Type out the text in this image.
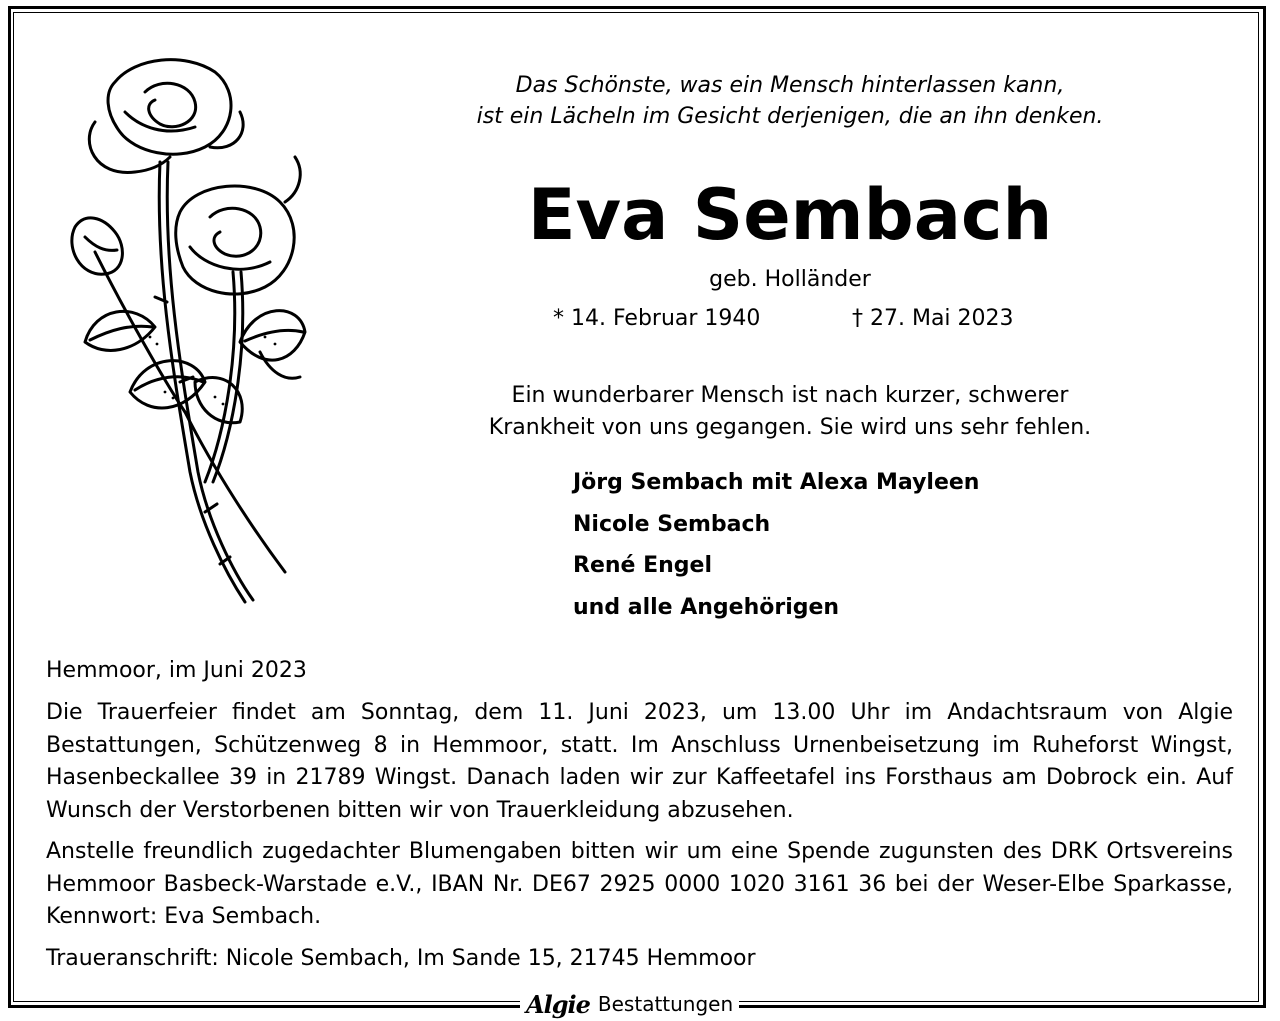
Das Schönste, was ein Mensch hinterlassen kann,
ist ein Lächeln im Gesicht derjenigen, die an ihn denken.
Eva Sembach
geb. Holländer
* 14. Februar 1940	† 27. Mai 2023
Ein wunderbarer Mensch ist nach kurzer, schwerer
Krankheit von uns gegangen. Sie wird uns sehr fehlen.
Jörg Sembach mit Alexa Mayleen
Nicole Sembach
René Engel
und alle Angehörigen
Hemmoor, im Juni 2023
Die Trauerfeier findet am Sonntag, dem 11. Juni 2023, um 13.00 Uhr im Andachtsraum von Algie Bestattungen, Schützenweg 8 in Hemmoor, statt. Im Anschluss Urnenbeisetzung im Ruheforst Wingst, Hasenbeckallee 39 in 21789 Wingst. Danach laden wir zur Kaffeetafel ins Forsthaus am Dobrock ein. Auf Wunsch der Verstorbenen bitten wir von Trauerkleidung abzusehen.
Anstelle freundlich zugedachter Blumengaben bitten wir um eine Spende zugunsten des DRK Ortsvereins Hemmoor Basbeck-Warstade e.V., IBAN Nr. DE67 2925 0000 1020 3161 36 bei der Weser-Elbe Sparkasse, Kennwort: Eva Sembach.
Traueranschrift: Nicole Sembach, Im Sande 15, 21745 Hemmoor
Algie Bestattungen
